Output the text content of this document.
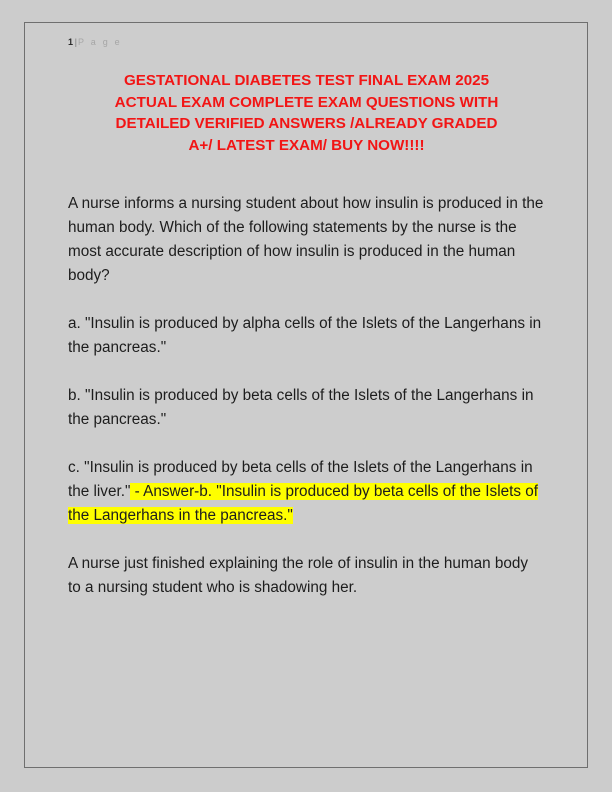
1|P a g e
GESTATIONAL DIABETES TEST FINAL EXAM 2025
ACTUAL EXAM COMPLETE EXAM QUESTIONS WITH
DETAILED VERIFIED ANSWERS /ALREADY GRADED
A+/ LATEST EXAM/ BUY NOW!!!!

A nurse informs a nursing student about how insulin is produced in the human body. Which of the following statements by the nurse is the most accurate description of how insulin is produced in the human body?

a. "Insulin is produced by alpha cells of the Islets of the Langerhans in the pancreas."

b. "Insulin is produced by beta cells of the Islets of the Langerhans in the pancreas."

c. "Insulin is produced by beta cells of the Islets of the Langerhans in the liver." - Answer-b. "Insulin is produced by beta cells of the Islets of the Langerhans in the pancreas."

A nurse just finished explaining the role of insulin in the human body to a nursing student who is shadowing her.
